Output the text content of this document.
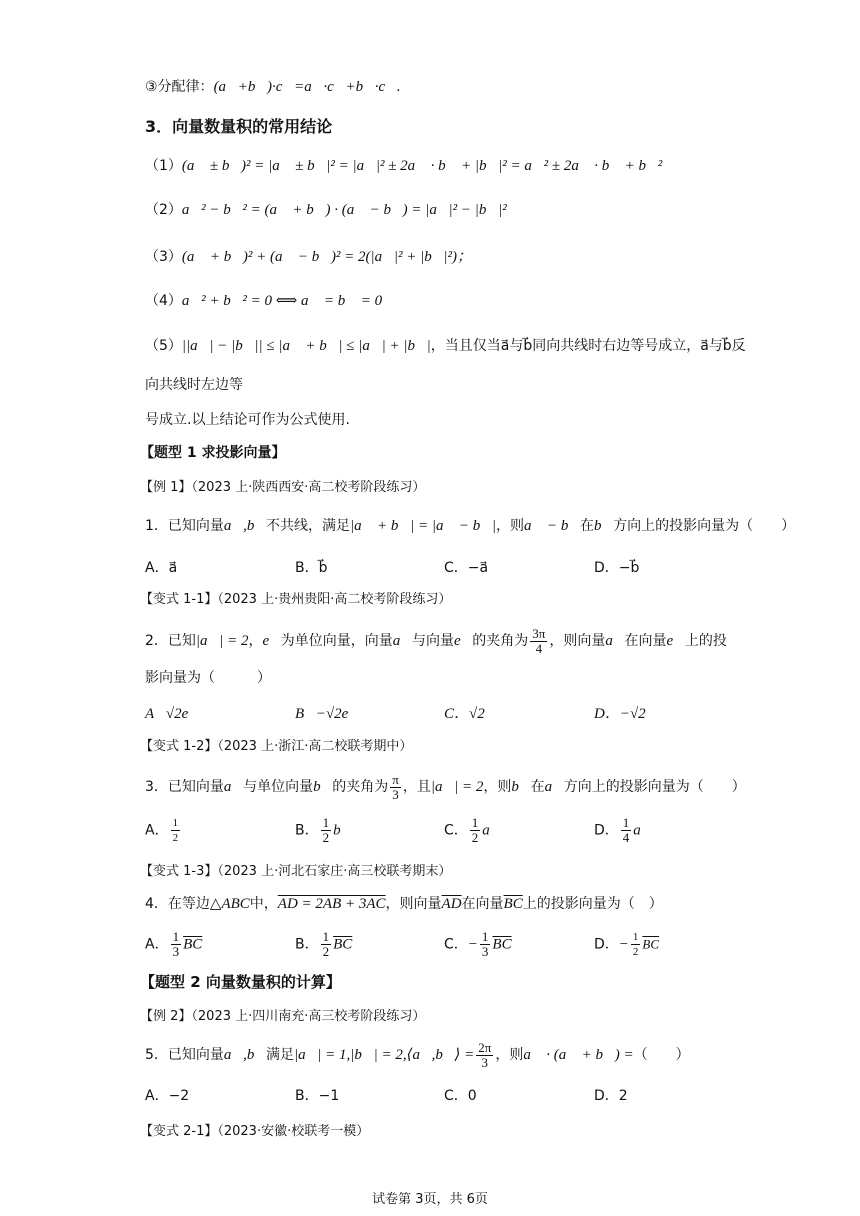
③分配律：(a⃗+b⃗)·c⃗=a⃗·c⃗+b⃗·c⃗.
3．向量数量积的常用结论
（1）(a⃗ ± b⃗)² = |a⃗ ± b⃗|² = |a⃗|² ± 2a⃗ · b⃗ + |b⃗|² = a⃗² ± 2a⃗ · b⃗ + b⃗²；
（2）a⃗² − b⃗² = (a⃗ + b⃗) · (a⃗ − b⃗) = |a⃗|² − |b⃗|²；
（3）(a⃗ + b⃗)² + (a⃗ − b⃗)² = 2(|a⃗|² + |b⃗|²)；
（4）a⃗² + b⃗² = 0 ⟺ a⃗ = b⃗ = 0；
（5）||a⃗| − |b⃗|| ≤ |a⃗ + b⃗| ≤ |a⃗| + |b⃗|，当且仅当a⃗与b⃗同向共线时右边等号成立，a⃗与b⃗反
向共线时左边等
号成立.以上结论可作为公式使用.
【题型 1 求投影向量】
【例 1】（2023 上·陕西西安·高二校考阶段练习）
1．已知向量a⃗,b⃗不共线，满足|a⃗ + b⃗| = |a⃗ − b⃗|，则a⃗ − b⃗在b⃗方向上的投影向量为（　　）
A．a⃗	B．b⃗	C．−a⃗	D．−b⃗
【变式 1-1】（2023 上·贵州贵阳·高二校考阶段练习）
2．已知|a⃗| = 2，e⃗为单位向量，向量a⃗与向量e⃗的夹角为 $\frac{3\pi}{4}$ ，则向量a⃗在向量e⃗上的投
影向量为（　　　）
A．√2e⃗	B．−√2e⃗	C．√2	D．−√2
【变式 1-2】（2023 上·浙江·高二校联考期中）
3．已知向量a⃗与单位向量b⃗的夹角为 $\frac{\pi}{3}$ ，且|a⃗| = 2，则b⃗在a⃗方向上的投影向量为（　　）
A． $\frac{1}{2}$	B． $\frac{1}{2}$ b⃗	C． $\frac{1}{2}$ a⃗	D． $\frac{1}{4}$ a⃗
【变式 1-3】（2023 上·河北石家庄·高三校联考期末）
4．在等边△ABC中，AD = 2AB + 3AC，则向量$\overline{AD}$在向量$\overline{BC}$上的投影向量为（　）
A． $\frac{1}{3} \overline{BC}$	B． $\frac{1}{2} \overline{BC}$	C．− $\frac{1}{3} \overline{BC}$	D．− $\frac{1}{2} \overline{BC}$
【题型 2 向量数量积的计算】
【例 2】（2023 上·四川南充·高三校考阶段练习）
5．已知向量a⃗,b⃗满足|a⃗| = 1,|b⃗| = 2,⟨a⃗,b⃗⟩ = $\frac{2\pi}{3}$ ，则a⃗ · (a⃗ + b⃗) =（　　）
A．−2	B．−1	C．0	D．2
【变式 2-1】（2023·安徽·校联考一模）
试卷第 3页，共 6页
